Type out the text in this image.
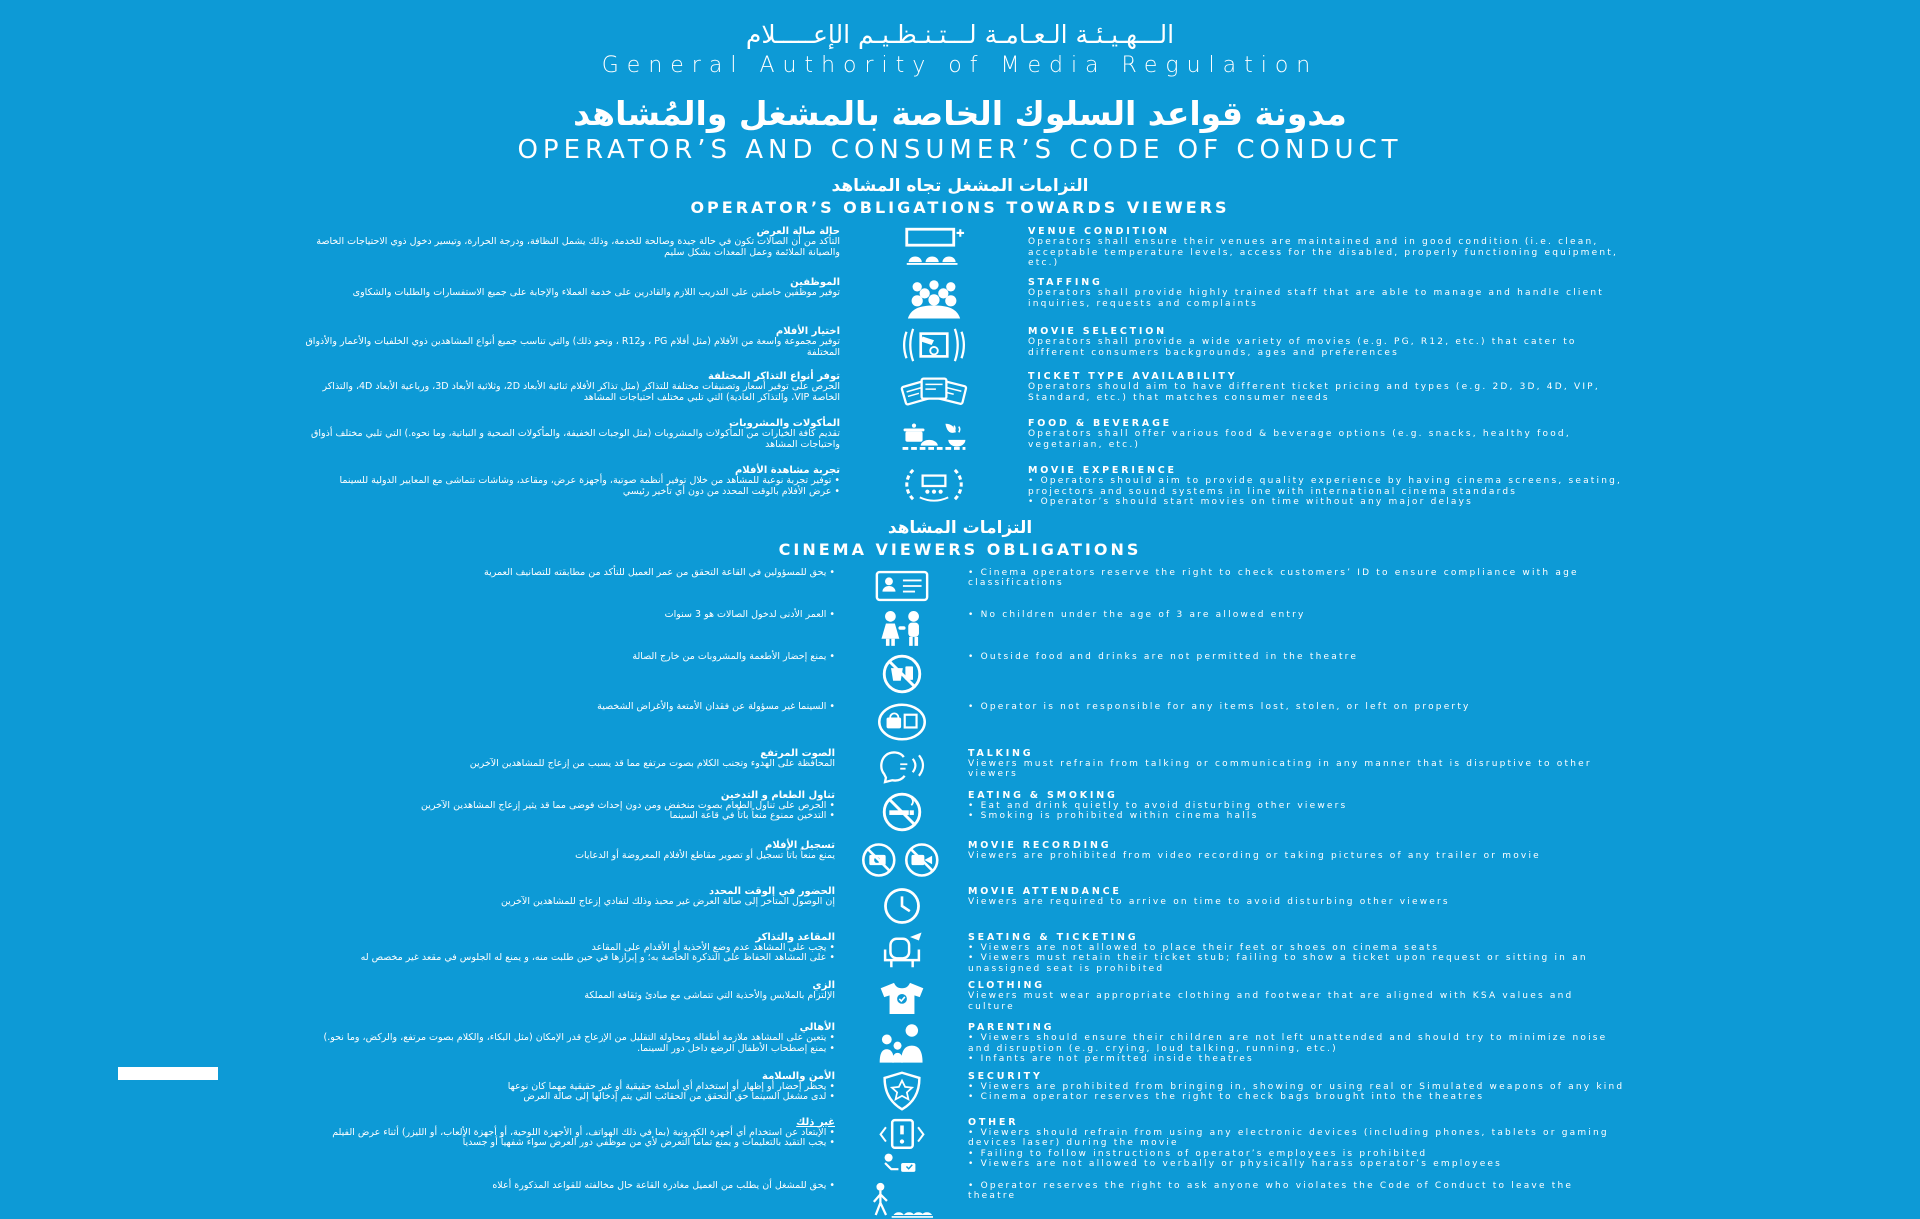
الـــهـيـئـة الـعـامـة لـــتـنـظـيـم الإعـــــلام
General Authority of Media Regulation
مدونة قواعد السلوك الخاصة بالمشغل والمُشاهد
OPERATOR’S AND CONSUMER’S CODE OF CONDUCT
التزامات المشغل تجاه المشاهد
OPERATOR’S OBLIGATIONS TOWARDS VIEWERS
حالة صالة العرض
التأكد من أن الصالات تكون في حالة جيدة وصالحة للخدمة، وذلك يشمل النظافة، ودرجة الحرارة، وتيسير دخول ذوي الاحتياجات الخاصة والصيانة الملائمة وعمل المعدات بشكل سليم
VENUE CONDITION
Operators shall ensure their venues are maintained and in good condition (i.e. clean, acceptable temperature levels, access for the disabled, properly functioning equipment, etc.)
الموظفين
توفير موظفين حاصلين على التدريب اللازم والقادرين على خدمة العملاء والإجابة على جميع الاستفسارات والطلبات والشكاوى
STAFFING
Operators shall provide highly trained staff that are able to manage and handle client inquiries, requests and complaints
اختيار الأفلام
توفير مجموعة واسعة من الأفلام (مثل أفلام PG ، وR12 ، ونحو ذلك) والتي تناسب جميع أنواع المشاهدين ذوي الخلفيات والأعمار والأذواق المختلفة
MOVIE SELECTION
Operators shall provide a wide variety of movies (e.g. PG, R12, etc.) that cater to different consumers backgrounds, ages and preferences
توفر أنواع التذاكر المختلفة
الحرص على توفير أسعار وتصنيفات مختلفة للتذاكر (مثل تذاكر الأفلام ثنائية الأبعاد 2D، وثلاثية الأبعاد 3D، ورباعية الأبعاد 4D، والتذاكر الخاصة VIP، والتذاكر العادية) التي تلبي مختلف احتياجات المشاهد
TICKET TYPE AVAILABILITY
Operators should aim to have different ticket pricing and types (e.g. 2D, 3D, 4D, VIP, Standard, etc.) that matches consumer needs
المأكولات والمشروبات
تقديم كافة الخيارات من المأكولات والمشروبات (مثل الوجبات الخفيفة، والمأكولات الصحية و النباتية، وما نحوه.) التي تلبي مختلف أذواق واحتياجات المشاهد
FOOD & BEVERAGE
Operators shall offer various food & beverage options (e.g. snacks, healthy food, vegetarian, etc.)
تجربة مشاهدة الأفلام
• توفير تجربة نوعية للمشاهد من خلال توفير أنظمة صوتية، وأجهزة عرض، ومقاعد، وشاشات تتماشى مع المعايير الدولية للسينما
• عرض الأفلام بالوقت المحدد من دون أي تأخير رئيسي
MOVIE EXPERIENCE
• Operators should aim to provide quality experience by having cinema screens, seating, projectors and sound systems in line with international cinema standards
• Operator’s should start movies on time without any major delays
التزامات المشاهد
CINEMA VIEWERS OBLIGATIONS
• يحق للمسؤولين في القاعة التحقق من عمر العميل للتأكد من مطابقته للتصانيف العمرية	• Cinema operators reserve the right to check customers’ ID to ensure compliance with age classifications
• العمر الأدنى لدخول الصالات هو 3 سنوات	• No children under the age of 3 are allowed entry
• يمنع إحضار الأطعمة والمشروبات من خارج الصالة	• Outside food and drinks are not permitted in the theatre
• السينما غير مسؤولة عن فقدان الأمتعة والأغراض الشخصية	• Operator is not responsible for any items lost, stolen, or left on property
الصوت المرتفع
المحافظة على الهدوء وتجنب الكلام بصوت مرتفع مما قد يسبب من إزعاج للمشاهدين الآخرين
TALKING
Viewers must refrain from talking or communicating in any manner that is disruptive to other viewers
تناول الطعام و التدخين
• الحرص على تناول الطعام بصوت منخفض ومن دون إحداث فوضى مما قد يثير إزعاج المشاهدين الآخرين
• التدخين ممنوع منعاً باتاً في قاعة السينما
EATING & SMOKING
• Eat and drink quietly to avoid disturbing other viewers
• Smoking is prohibited within cinema halls
تسجيل الأفلام
يمنع منعاً باتاً تسجيل أو تصوير مقاطع الأفلام المعروضة أو الدعايات
MOVIE RECORDING
Viewers are prohibited from video recording or taking pictures of any trailer or movie
الحضور في الوقت المحدد
إن الوصول المتأخر إلى صالة العرض غير محبذ وذلك لتفادي إزعاج للمشاهدين الآخرين
MOVIE ATTENDANCE
Viewers are required to arrive on time to avoid disturbing other viewers
المقاعد والتذاكر
• يجب على المشاهد عدم وضع الأحذية أو الأقدام على المقاعد
• على المشاهد الحفاظ على التذكرة الخاصة به؛ و إبرازها في حين طلبت منه، و يمنع له الجلوس في مقعد غير مخصص له
SEATING & TICKETING
• Viewers are not allowed to place their feet or shoes on cinema seats
• Viewers must retain their ticket stub; failing to show a ticket upon request or sitting in an unassigned seat is prohibited
الزي
الإلتزام بالملابس والأحذية التي تتماشى مع مبادئ وثقافة المملكة
CLOTHING
Viewers must wear appropriate clothing and footwear that are aligned with KSA values and culture
الأهالي
• يتعين على المشاهد ملازمة أطفاله ومحاولة التقليل من الإزعاج قدر الإمكان (مثل البكاء، والكلام بصوت مرتفع، والركض، وما نحو.)
• يمنع إصطحاب الأطفال الرضع داخل دور السينما.
PARENTING
• Viewers should ensure their children are not left unattended and should try to minimize noise and disruption (e.g. crying, loud talking, running, etc.)
• Infants are not permitted inside theatres
الأمن والسلامة
• يحظر إحضار أو إظهار أو إستخدام أي أسلحة حقيقية أو غير حقيقية مهما كان نوعها
• لدى مشغل السينما حق التحقق من الحقائب التي يتم إدخالها إلى صالة العرض
SECURITY
• Viewers are prohibited from bringing in, showing or using real or Simulated weapons of any kind
• Cinema operator reserves the right to check bags brought into the theatres
غير ذلك
• الإبتعاد عن استخدام أي أجهزة الكترونية (بما في ذلك الهواتف، أو الأجهزة اللوحية، أو أجهزة الألعاب، أو الليزر) أثناء عرض الفيلم
• يجب التقيد بالتعليمات و يمنع تماماً التعرض لأي من موظفي دور العرض سواء شفهياً أو جسدياً
OTHER
• Viewers should refrain from using any electronic devices (including phones, tablets or gaming devices laser) during the movie
• Failing to follow instructions of operator’s employees is prohibited
• Viewers are not allowed to verbally or physically harass operator’s employees
• يحق للمشغل أن يطلب من العميل مغادرة القاعة حال مخالفته للقواعد المذكورة أعلاه	• Operator reserves the right to ask anyone who violates the Code of Conduct to leave the theatre
